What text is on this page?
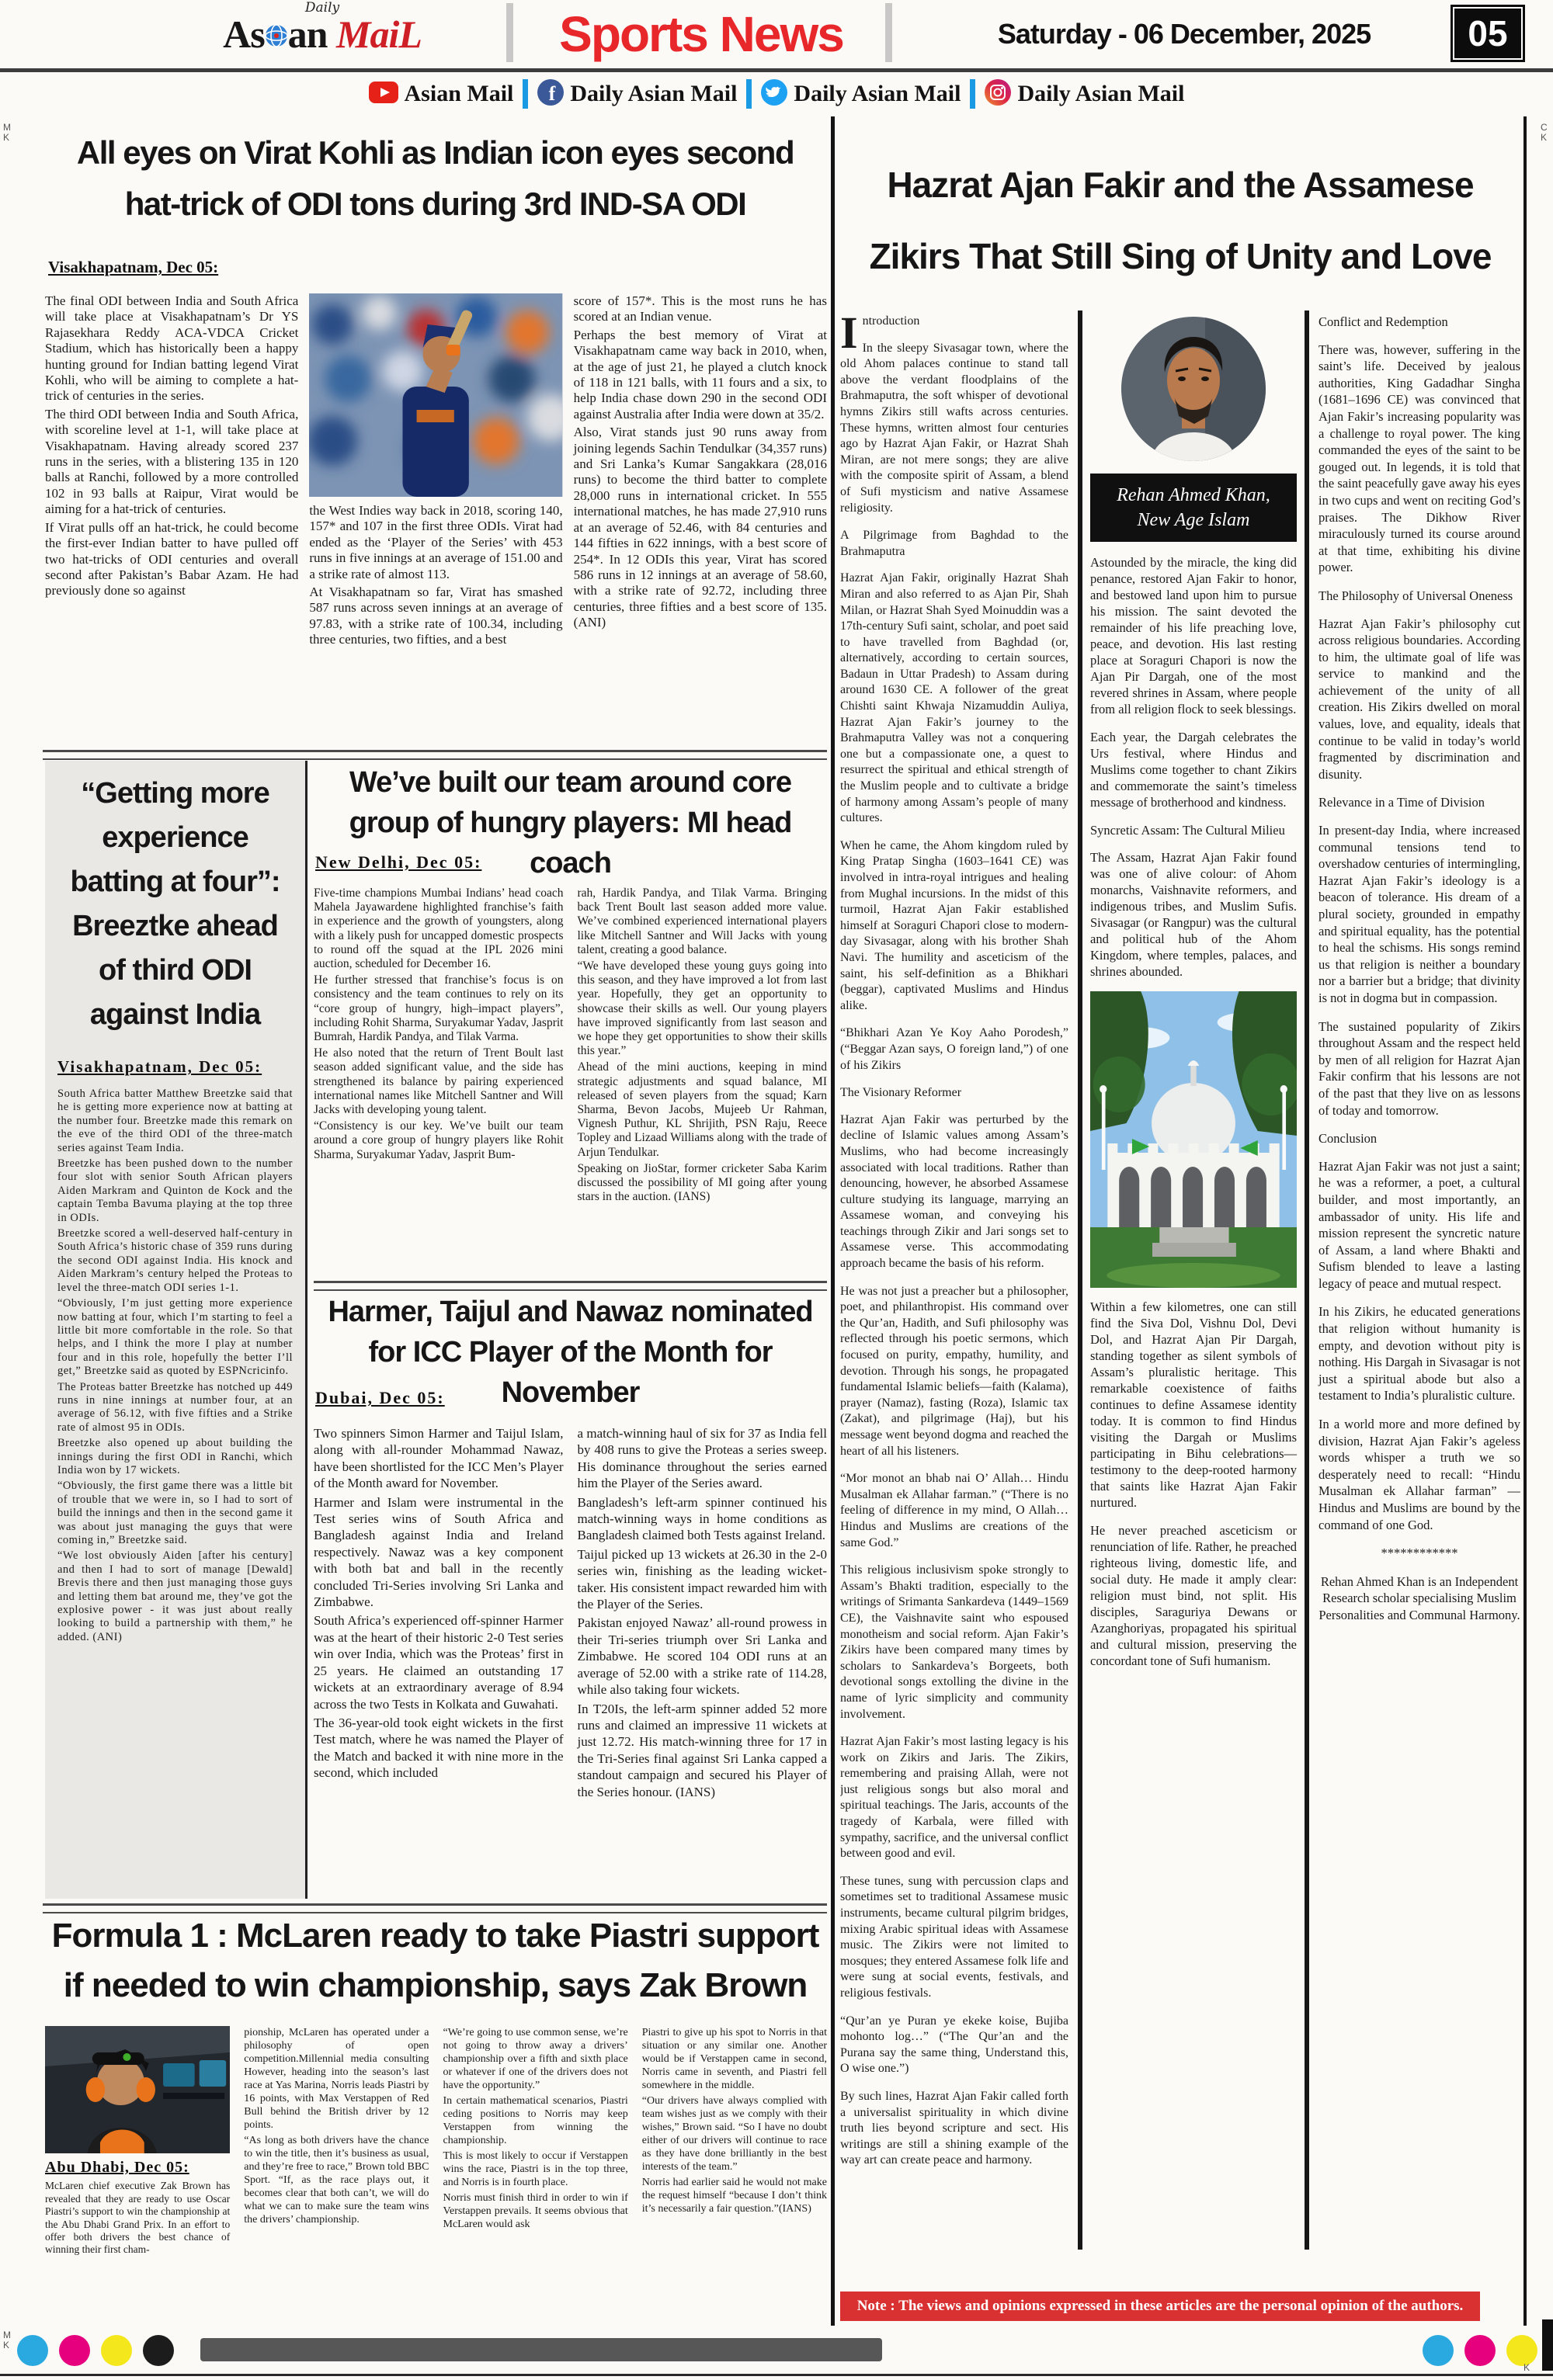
Daily
As an MaiL	Sports News	Saturday - 06 December, 2025	05
Asian Mail f Daily Asian Mail Daily Asian Mail Daily Asian Mail
M K
C K
All eyes on Virat Kohli as Indian icon eyes second hat-trick of ODI tons during 3rd IND-SA ODI
Visakhapatnam, Dec 05:

The final ODI between India and South Africa will take place at Visakhapatnam’s Dr YS Rajasekhara Reddy ACA-VDCA Cricket Stadium, which has historically been a happy hunting ground for Indian batting legend Virat Kohli, who will be aiming to complete a hat-trick of centuries in the series.

The third ODI between India and South Africa, with scoreline level at 1-1, will take place at Visakhapatnam. Having already scored 237 runs in the series, with a blistering 135 in 120 balls at Ranchi, followed by a more controlled 102 in 93 balls at Raipur, Virat would be aiming for a hat-trick of centuries.

If Virat pulls off an hat-trick, he could become the first-ever Indian batter to have pulled off two hat-tricks of ODI centuries and overall second after Pakistan’s Babar Azam. He had previously done so against

the West Indies way back in 2018, scoring 140, 157* and 107 in the first three ODIs. Virat had ended as the ‘Player of the Series’ with 453 runs in five innings at an average of 151.00 and a strike rate of almost 113.

At Visakhapatnam so far, Virat has smashed 587 runs across seven innings at an average of 97.83, with a strike rate of 100.34, including three centuries, two fifties, and a best

score of 157*. This is the most runs he has scored at an Indian venue.

Perhaps the best memory of Virat at Visakhapatnam came way back in 2010, when, at the age of just 21, he played a clutch knock of 118 in 121 balls, with 11 fours and a six, to help India chase down 290 in the second ODI against Australia after India were down at 35/2.

Also, Virat stands just 90 runs away from joining legends Sachin Tendulkar (34,357 runs) and Sri Lanka’s Kumar Sangakkara (28,016 runs) to become the third batter to complete 28,000 runs in international cricket. In 555 international matches, he has made 27,910 runs at an average of 52.46, with 84 centuries and 144 fifties in 622 innings, with a best score of 254*. In 12 ODIs this year, Virat has scored 586 runs in 12 innings at an average of 58.60, with a strike rate of 92.72, including three centuries, three fifties and a best score of 135. (ANI)

“Getting more experience batting at four”: Breeztke ahead of third ODI against India
Visakhapatnam, Dec 05:

South Africa batter Matthew Breetzke said that he is getting more experience now at batting at the number four. Breetzke made this remark on the eve of the third ODI of the three-match series against Team India.

Breetzke has been pushed down to the number four slot with senior South African players Aiden Markram and Quinton de Kock and the captain Temba Bavuma playing at the top three in ODIs.

Breetzke scored a well-deserved half-century in South Africa’s historic chase of 359 runs during the second ODI against India. His knock and Aiden Markram’s century helped the Proteas to level the three-match ODI series 1-1.

“Obviously, I’m just getting more experience now batting at four, which I’m starting to feel a little bit more comfortable in the role. So that helps, and I think the more I play at number four and in this role, hopefully the better I’ll get,” Breetzke said as quoted by ESPNcricinfo.

The Proteas batter Breetzke has notched up 449 runs in nine innings at number four, at an average of 56.12, with five fifties and a Strike rate of almost 95 in ODIs.

Breetzke also opened up about building the innings during the first ODI in Ranchi, which India won by 17 wickets.

“Obviously, the first game there was a little bit of trouble that we were in, so I had to sort of build the innings and then in the second game it was about just managing the guys that were coming in,” Breetzke said.

“We lost obviously Aiden [after his century] and then I had to sort of manage [Dewald] Brevis there and then just managing those guys and letting them bat around me, they’ve got the explosive power - it was just about really looking to build a partnership with them,” he added. (ANI)

We’ve built our team around core group of hungry players: MI head coach
New Delhi, Dec 05:

Five-time champions Mumbai Indians’ head coach Mahela Jayawardene highlighted franchise’s faith in experience and the growth of youngsters, along with a likely push for uncapped domestic prospects to round off the squad at the IPL 2026 mini auction, scheduled for December 16.

He further stressed that franchise’s focus is on consistency and the team continues to rely on its “core group of hungry, high–impact players”, including Rohit Sharma, Suryakumar Yadav, Jasprit Bumrah, Hardik Pandya, and Tilak Varma.

He also noted that the return of Trent Boult last season added significant value, and the side has strengthened its balance by pairing experienced international names like Mitchell Santner and Will Jacks with developing young talent.

“Consistency is our key. We’ve built our team around a core group of hungry players like Rohit Sharma, Suryakumar Yadav, Jasprit Bum-

rah, Hardik Pandya, and Tilak Varma. Bringing back Trent Boult last season added more value. We’ve combined experienced international players like Mitchell Santner and Will Jacks with young talent, creating a good balance.

“We have developed these young guys going into this season, and they have improved a lot from last year. Hopefully, they get an opportunity to showcase their skills as well. Our young players have improved significantly from last season and we hope they get opportunities to show their skills this year.”

Ahead of the mini auctions, keeping in mind strategic adjustments and squad balance, MI released of seven players from the squad; Karn Sharma, Bevon Jacobs, Mujeeb Ur Rahman, Vignesh Puthur, KL Shrijith, PSN Raju, Reece Topley and Lizaad Williams along with the trade of Arjun Tendulkar.

Speaking on JioStar, former cricketer Saba Karim discussed the possibility of MI going after young stars in the auction. (IANS)

Harmer, Taijul and Nawaz nominated for ICC Player of the Month for November
Dubai, Dec 05:

Two spinners Simon Harmer and Taijul Islam, along with all-rounder Mohammad Nawaz, have been shortlisted for the ICC Men’s Player of the Month award for November.

Harmer and Islam were instrumental in the Test series wins of South Africa and Bangladesh against India and Ireland respectively. Nawaz was a key component with both bat and ball in the recently concluded Tri-Series involving Sri Lanka and Zimbabwe.

South Africa’s experienced off-spinner Harmer was at the heart of their historic 2-0 Test series win over India, which was the Proteas’ first in 25 years. He claimed an outstanding 17 wickets at an extraordinary average of 8.94 across the two Tests in Kolkata and Guwahati.

The 36-year-old took eight wickets in the first Test match, where he was named the Player of the Match and backed it with nine more in the second, which included

a match-winning haul of six for 37 as India fell by 408 runs to give the Proteas a series sweep. His dominance throughout the series earned him the Player of the Series award.

Bangladesh’s left-arm spinner continued his match-winning ways in home conditions as Bangladesh claimed both Tests against Ireland.

Taijul picked up 13 wickets at 26.30 in the 2-0 series win, finishing as the leading wicket-taker. His consistent impact rewarded him with the Player of the Series.

Pakistan enjoyed Nawaz’ all-round prowess in their Tri-series triumph over Sri Lanka and Zimbabwe. He scored 104 ODI runs at an average of 52.00 with a strike rate of 114.28, while also taking four wickets.

In T20Is, the left-arm spinner added 52 more runs and claimed an impressive 11 wickets at just 12.72. His match-winning three for 17 in the Tri-Series final against Sri Lanka capped a standout campaign and secured his Player of the Series honour. (IANS)

Formula 1 : McLaren ready to take Piastri support if needed to win championship, says Zak Brown
Abu Dhabi, Dec 05:

McLaren chief executive Zak Brown has revealed that they are ready to use Oscar Piastri’s support to win the championship at the Abu Dhabi Grand Prix. In an effort to offer both drivers the best chance of winning their first cham-

pionship, McLaren has operated under a philosophy of open competition.Millennial media consulting However, heading into the season’s last race at Yas Marina, Norris leads Piastri by 16 points, with Max Verstappen of Red Bull behind the British driver by 12 points.

“As long as both drivers have the chance to win the title, then it’s business as usual, and they’re free to race,” Brown told BBC Sport. “If, as the race plays out, it becomes clear that both can’t, we will do what we can to make sure the team wins the drivers’ championship.

“We’re going to use common sense, we’re not going to throw away a drivers’ championship over a fifth and sixth place or whatever if one of the drivers does not have the opportunity.”

In certain mathematical scenarios, Piastri ceding positions to Norris may keep Verstappen from winning the championship.

This is most likely to occur if Verstappen wins the race, Piastri is in the top three, and Norris is in fourth place.

Norris must finish third in order to win if Verstappen prevails. It seems obvious that McLaren would ask

Piastri to give up his spot to Norris in that situation or any similar one. Another would be if Verstappen came in second, Norris came in seventh, and Piastri fell somewhere in the middle.

“Our drivers have always complied with team wishes just as we comply with their wishes,” Brown said. “So I have no doubt either of our drivers will continue to race as they have done brilliantly in the best interests of the team.”

Norris had earlier said he would not make the request himself “because I don’t think it’s necessarily a fair question.”(IANS)

Hazrat Ajan Fakir and the Assamese Zikirs That Still Sing of Unity and Love
Introduction

In the sleepy Sivasagar town, where the old Ahom palaces continue to stand tall above the verdant floodplains of the Brahmaputra, the soft whisper of devotional hymns Zikirs still wafts across centuries. These hymns, written almost four centuries ago by Hazrat Ajan Fakir, or Hazrat Shah Miran, are not mere songs; they are alive with the composite spirit of Assam, a blend of Sufi mysticism and native Assamese religiosity.

A Pilgrimage from Baghdad to the Brahmaputra

Hazrat Ajan Fakir, originally Hazrat Shah Miran and also referred to as Ajan Pir, Shah Milan, or Hazrat Shah Syed Moinuddin was a 17th-century Sufi saint, scholar, and poet said to have travelled from Baghdad (or, alternatively, according to certain sources, Badaun in Uttar Pradesh) to Assam during around 1630 CE. A follower of the great Chishti saint Khwaja Nizamuddin Auliya, Hazrat Ajan Fakir’s journey to the Brahmaputra Valley was not a conquering one but a compassionate one, a quest to resurrect the spiritual and ethical strength of the Muslim people and to cultivate a bridge of harmony among Assam’s people of many cultures.

When he came, the Ahom kingdom ruled by King Pratap Singha (1603–1641 CE) was involved in intra-royal intrigues and healing from Mughal incursions. In the midst of this turmoil, Hazrat Ajan Fakir established himself at Soraguri Chapori close to modern-day Sivasagar, along with his brother Shah Navi. The humility and asceticism of the saint, his self-definition as a Bhikhari (beggar), captivated Muslims and Hindus alike.

“Bhikhari Azan Ye Koy Aaho Porodesh,” (“Beggar Azan says, O foreign land,”) of one of his Zikirs

The Visionary Reformer

Hazrat Ajan Fakir was perturbed by the decline of Islamic values among Assam’s Muslims, who had become increasingly associated with local traditions. Rather than denouncing, however, he absorbed Assamese culture studying its language, marrying an Assamese woman, and conveying his teachings through Zikir and Jari songs set to Assamese verse. This accommodating approach became the basis of his reform.

He was not just a preacher but a philosopher, poet, and philanthropist. His command over the Qur’an, Hadith, and Sufi philosophy was reflected through his poetic sermons, which focused on purity, empathy, humility, and devotion. Through his songs, he propagated fundamental Islamic beliefs—faith (Kalama), prayer (Namaz), fasting (Roza), Islamic tax (Zakat), and pilgrimage (Haj), but his message went beyond dogma and reached the heart of all his listeners.

“Mor monot an bhab nai O’ Allah… Hindu Musalman ek Allahar farman.” (“There is no feeling of difference in my mind, O Allah… Hindus and Muslims are creations of the same God.”

This religious inclusivism spoke strongly to Assam’s Bhakti tradition, especially to the writings of Srimanta Sankardeva (1449–1569 CE), the Vaishnavite saint who espoused monotheism and social reform. Ajan Fakir’s Zikirs have been compared many times by scholars to Sankardeva’s Borgeets, both devotional songs extolling the divine in the name of lyric simplicity and community involvement.

Hazrat Ajan Fakir’s most lasting legacy is his work on Zikirs and Jaris. The Zikirs, remembering and praising Allah, were not just religious songs but also moral and spiritual teachings. The Jaris, accounts of the tragedy of Karbala, were filled with sympathy, sacrifice, and the universal conflict between good and evil.

These tunes, sung with percussion claps and sometimes set to traditional Assamese music instruments, became cultural pilgrim bridges, mixing Arabic spiritual ideas with Assamese music. The Zikirs were not limited to mosques; they entered Assamese folk life and were sung at social events, festivals, and religious festivals.

“Qur’an ye Puran ye ekeke koise, Bujiba mohonto log…” (“The Qur’an and the Purana say the same thing, Understand this, O wise one.”)

By such lines, Hazrat Ajan Fakir called forth a universalist spirituality in which divine truth lies beyond scripture and sect. His writings are still a shining example of the way art can create peace and harmony.

Rehan Ahmed Khan,
New Age Islam

Astounded by the miracle, the king did penance, restored Ajan Fakir to honor, and bestowed land upon him to pursue his mission. The saint devoted the remainder of his life preaching love, peace, and devotion. His last resting place at Soraguri Chapori is now the Ajan Pir Dargah, one of the most revered shrines in Assam, where people from all religion flock to seek blessings.

Each year, the Dargah celebrates the Urs festival, where Hindus and Muslims come together to chant Zikirs and commemorate the saint’s timeless message of brotherhood and kindness.

Syncretic Assam: The Cultural Milieu

The Assam, Hazrat Ajan Fakir found was one of alive colour: of Ahom monarchs, Vaishnavite reformers, and indigenous tribes, and Muslim Sufis. Sivasagar (or Rangpur) was the cultural and political hub of the Ahom Kingdom, where temples, palaces, and shrines abounded.

Within a few kilometres, one can still find the Siva Dol, Vishnu Dol, Devi Dol, and Hazrat Ajan Pir Dargah, standing together as silent symbols of Assam’s pluralistic heritage. This remarkable coexistence of faiths continues to define Assamese identity today. It is common to find Hindus visiting the Dargah or Muslims participating in Bihu celebrations—testimony to the deep-rooted harmony that saints like Hazrat Ajan Fakir nurtured.

He never preached asceticism or renunciation of life. Rather, he preached righteous living, domestic life, and social duty. He made it amply clear: religion must bind, not split. His disciples, Saraguriya Dewans or Azanghoriyas, propagated his spiritual and cultural mission, preserving the concordant tone of Sufi humanism.

Conflict and Redemption

There was, however, suffering in the saint’s life. Deceived by jealous authorities, King Gadadhar Singha (1681–1696 CE) was convinced that Ajan Fakir’s increasing popularity was a challenge to royal power. The king commanded the eyes of the saint to be gouged out. In legends, it is told that the saint peacefully gave away his eyes in two cups and went on reciting God’s praises. The Dikhow River miraculously turned its course around at that time, exhibiting his divine power.

The Philosophy of Universal Oneness

Hazrat Ajan Fakir’s philosophy cut across religious boundaries. According to him, the ultimate goal of life was service to mankind and the achievement of the unity of all creation. His Zikirs dwelled on moral values, love, and equality, ideals that continue to be valid in today’s world fragmented by discrimination and disunity.

Relevance in a Time of Division

In present-day India, where increased communal tensions tend to overshadow centuries of intermingling, Hazrat Ajan Fakir’s ideology is a beacon of tolerance. His dream of a plural society, grounded in empathy and spiritual equality, has the potential to heal the schisms. His songs remind us that religion is neither a boundary nor a barrier but a bridge; that divinity is not in dogma but in compassion.

The sustained popularity of Zikirs throughout Assam and the respect held by men of all religion for Hazrat Ajan Fakir confirm that his lessons are not of the past that they live on as lessons of today and tomorrow.

Conclusion

Hazrat Ajan Fakir was not just a saint; he was a reformer, a poet, a cultural builder, and most importantly, an ambassador of unity. His life and mission represent the syncretic nature of Assam, a land where Bhakti and Sufism blended to leave a lasting legacy of peace and mutual respect.

In his Zikirs, he educated generations that religion without humanity is empty, and devotion without pity is nothing. His Dargah in Sivasagar is not just a spiritual abode but also a testament to India’s pluralistic culture.

In a world more and more defined by division, Hazrat Ajan Fakir’s ageless words whisper a truth we so desperately need to recall: “Hindu Musalman ek Allahar farman” — Hindus and Muslims are bound by the command of one God.

************

Rehan Ahmed Khan is an Independent Research scholar specialising Muslim Personalities and Communal Harmony.

Note : The views and opinions expressed in these articles are the personal opinion of the authors.
M K
K
